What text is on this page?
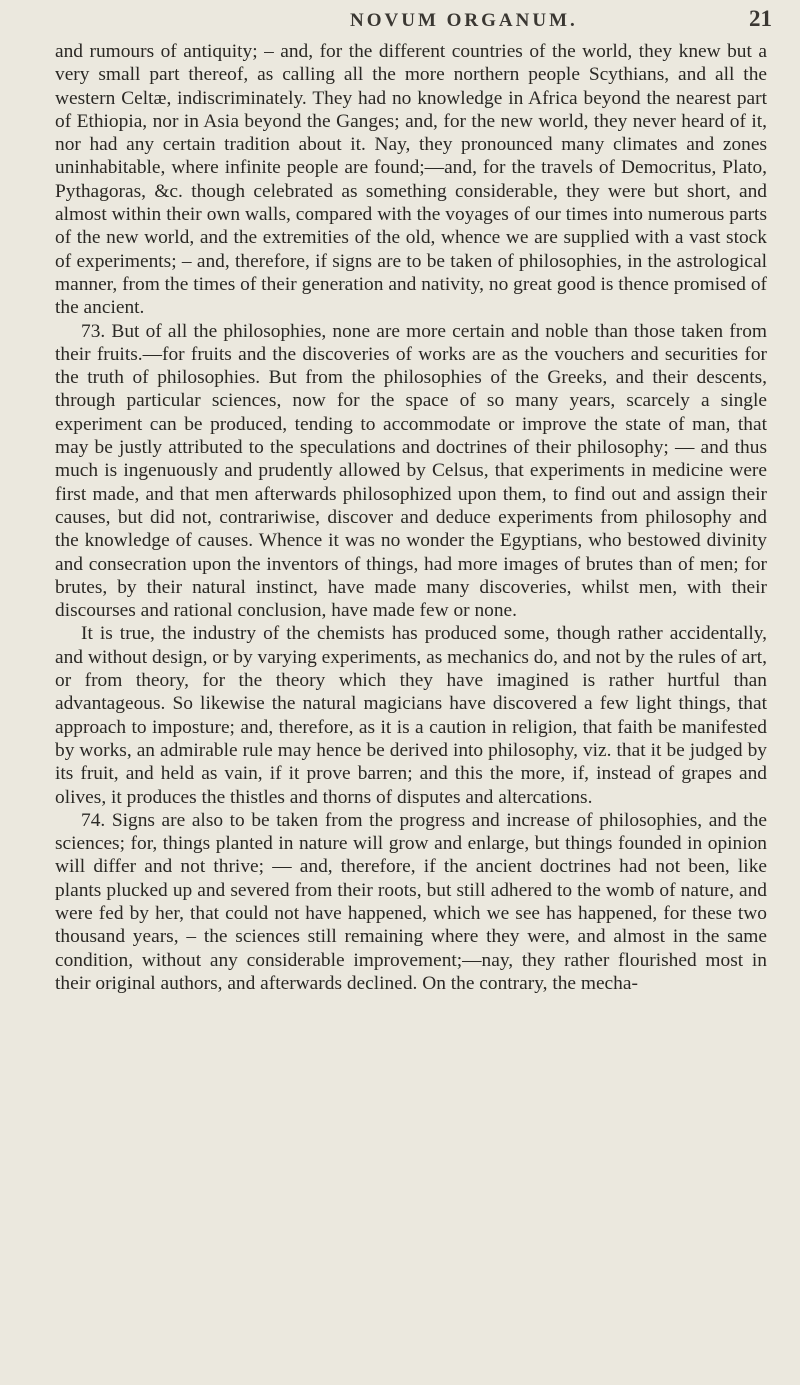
NOVUM ORGANUM.	21

and rumours of antiquity; – and, for the different countries of the world, they knew but a very small part thereof, as calling all the more northern people Scythians, and all the western Celtæ, indiscriminately. They had no knowledge in Africa beyond the nearest part of Ethiopia, nor in Asia beyond the Ganges; and, for the new world, they never heard of it, nor had any certain tradition about it. Nay, they pronounced many climates and zones uninhabitable, where infinite people are found;—and, for the travels of Democritus, Plato, Pythagoras, &c. though celebrated as something considerable, they were but short, and almost within their own walls, compared with the voyages of our times into numerous parts of the new world, and the extremities of the old, whence we are supplied with a vast stock of experiments; – and, therefore, if signs are to be taken of philosophies, in the astrological manner, from the times of their generation and nativity, no great good is thence promised of the ancient.

73. But of all the philosophies, none are more certain and noble than those taken from their fruits.—for fruits and the discoveries of works are as the vouchers and securities for the truth of philosophies. But from the philosophies of the Greeks, and their descents, through particular sciences, now for the space of so many years, scarcely a single experiment can be produced, tending to accommodate or improve the state of man, that may be justly attributed to the speculations and doctrines of their philosophy; — and thus much is ingenuously and prudently allowed by Celsus, that experiments in medicine were first made, and that men afterwards philosophized upon them, to find out and assign their causes, but did not, contrariwise, discover and deduce experiments from philosophy and the knowledge of causes. Whence it was no wonder the Egyptians, who bestowed divinity and consecration upon the inventors of things, had more images of brutes than of men; for brutes, by their natural instinct, have made many discoveries, whilst men, with their discourses and rational conclusion, have made few or none.

It is true, the industry of the chemists has produced some, though rather accidentally, and without design, or by varying experiments, as mechanics do, and not by the rules of art, or from theory, for the theory which they have imagined is rather hurtful than advantageous. So likewise the natural magicians have discovered a few light things, that approach to imposture; and, therefore, as it is a caution in religion, that faith be manifested by works, an admirable rule may hence be derived into philosophy, viz. that it be judged by its fruit, and held as vain, if it prove barren; and this the more, if, instead of grapes and olives, it produces the thistles and thorns of disputes and altercations.

74. Signs are also to be taken from the progress and increase of philosophies, and the sciences; for, things planted in nature will grow and enlarge, but things founded in opinion will differ and not thrive; — and, therefore, if the ancient doctrines had not been, like plants plucked up and severed from their roots, but still adhered to the womb of nature, and were fed by her, that could not have happened, which we see has happened, for these two thousand years, – the sciences still remaining where they were, and almost in the same condition, without any considerable improvement;—nay, they rather flourished most in their original authors, and afterwards declined. On the contrary, the mecha-
